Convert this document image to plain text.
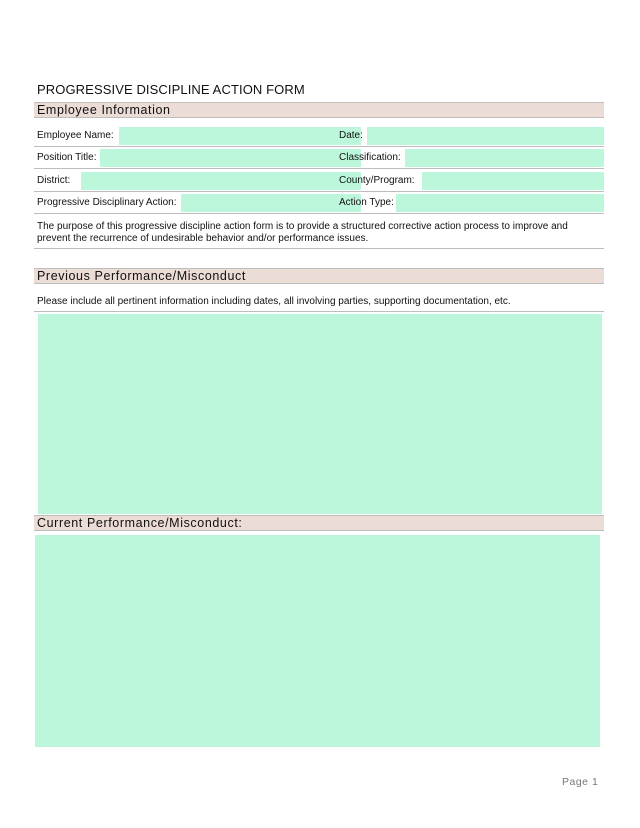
PROGRESSIVE DISCIPLINE ACTION FORM
Employee Information
Employee Name:	Date:
Position Title:	Classification:
District:	County/Program:
Progressive Disciplinary Action:	Action Type:
The purpose of this progressive discipline action form is to provide a structured corrective action process to improve and prevent the recurrence of undesirable behavior and/or performance issues.
Previous Performance/Misconduct
Please include all pertinent information including dates, all involving parties, supporting documentation, etc.
Current Performance/Misconduct:
Page 1
